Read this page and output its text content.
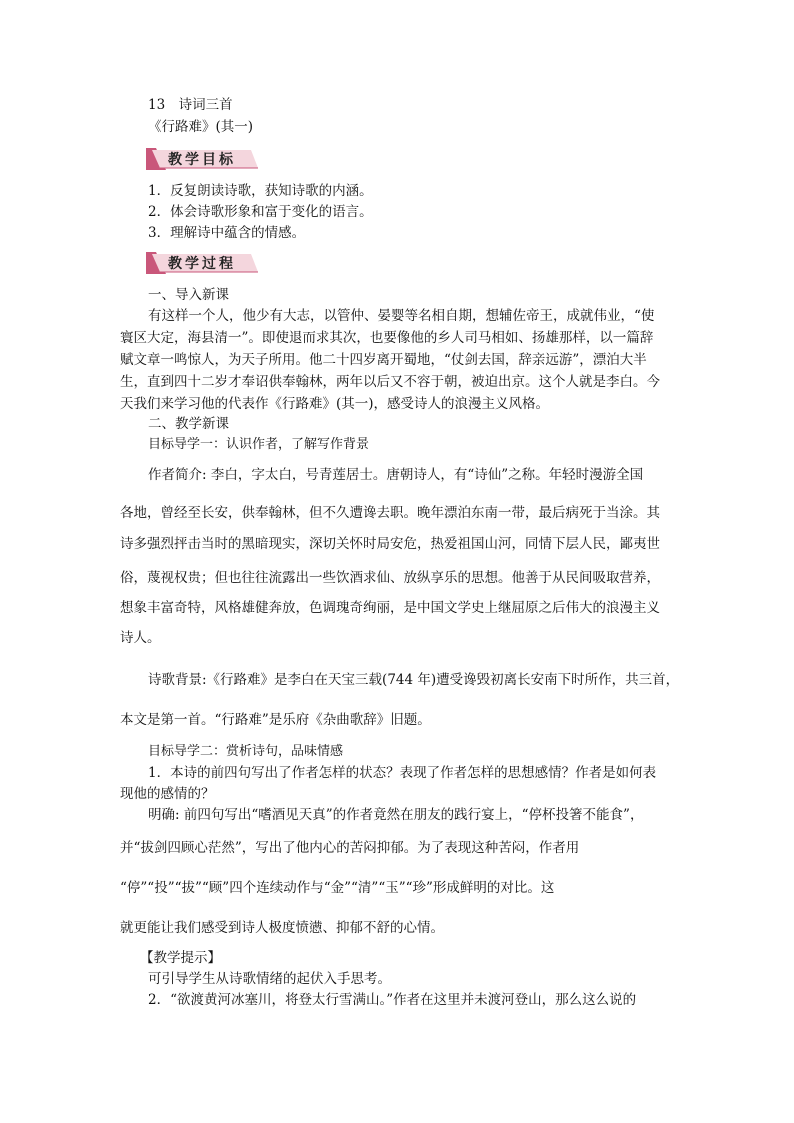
13　诗词三首
《行路难》(其一)
教学目标
1．反复朗读诗歌，获知诗歌的内涵。
2．体会诗歌形象和富于变化的语言。
3．理解诗中蕴含的情感。
教学过程
一、导入新课
有这样一个人，他少有大志，以管仲、晏婴等名相自期，想辅佐帝王，成就伟业，“使
寰区大定，海县清一”。即使退而求其次，也要像他的乡人司马相如、扬雄那样，以一篇辞
赋文章一鸣惊人，为天子所用。他二十四岁离开蜀地，“仗剑去国，辞亲远游”，漂泊大半
生，直到四十二岁才奉诏供奉翰林，两年以后又不容于朝，被迫出京。这个人就是李白。今
天我们来学习他的代表作《行路难》(其一)，感受诗人的浪漫主义风格。
二、教学新课
目标导学一：认识作者，了解写作背景
作者简介: 李白，字太白，号青莲居士。唐朝诗人，有“诗仙”之称。年轻时漫游全国
各地，曾经至长安，供奉翰林，但不久遭谗去职。晚年漂泊东南一带，最后病死于当涂。其
诗多强烈抨击当时的黑暗现实，深切关怀时局安危，热爱祖国山河，同情下层人民，鄙夷世
俗，蔑视权贵；但也往往流露出一些饮酒求仙、放纵享乐的思想。他善于从民间吸取营养，
想象丰富奇特，风格雄健奔放，色调瑰奇绚丽，是中国文学史上继屈原之后伟大的浪漫主义
诗人。
诗歌背景:《行路难》是李白在天宝三载(744 年)遭受谗毁初离长安南下时所作，共三首，
本文是第一首。“行路难”是乐府《杂曲歌辞》旧题。
目标导学二：赏析诗句，品味情感
1．本诗的前四句写出了作者怎样的状态？表现了作者怎样的思想感情？作者是如何表
现他的感情的？
明确: 前四句写出“嗜酒见天真”的作者竟然在朋友的践行宴上，“停杯投箸不能食”，
并“拔剑四顾心茫然”，写出了他内心的苦闷抑郁。为了表现这种苦闷，作者用
“停”“投”“拔”“顾”四个连续动作与“金”“清”“玉”“珍”形成鲜明的对比。这
就更能让我们感受到诗人极度愤懑、抑郁不舒的心情。
【教学提示】
可引导学生从诗歌情绪的起伏入手思考。
2．“欲渡黄河冰塞川，将登太行雪满山。”作者在这里并未渡河登山，那么这么说的
